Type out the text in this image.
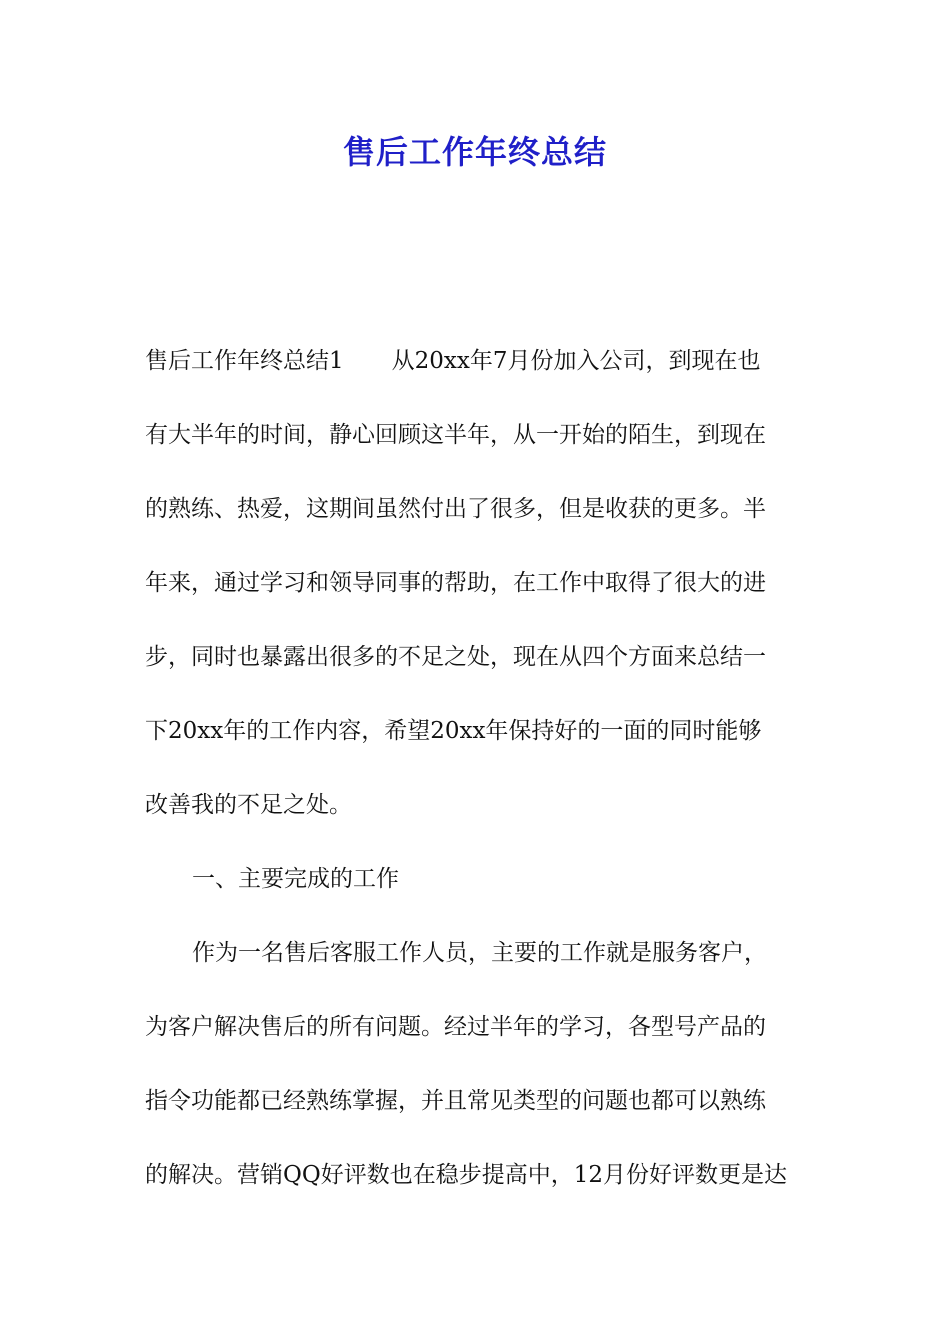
售后工作年终总结
售后工作年终总结1 从20xx年7月份加入公司，到现在也
有大半年的时间，静心回顾这半年，从一开始的陌生，到现在
的熟练、热爱，这期间虽然付出了很多，但是收获的更多。半
年来，通过学习和领导同事的帮助，在工作中取得了很大的进
步，同时也暴露出很多的不足之处，现在从四个方面来总结一
下20xx年的工作内容，希望20xx年保持好的一面的同时能够
改善我的不足之处。
一、主要完成的工作
作为一名售后客服工作人员，主要的工作就是服务客户，
为客户解决售后的所有问题。经过半年的学习，各型号产品的
指令功能都已经熟练掌握，并且常见类型的问题也都可以熟练
的解决。营销QQ好评数也在稳步提高中，12月份好评数更是达
